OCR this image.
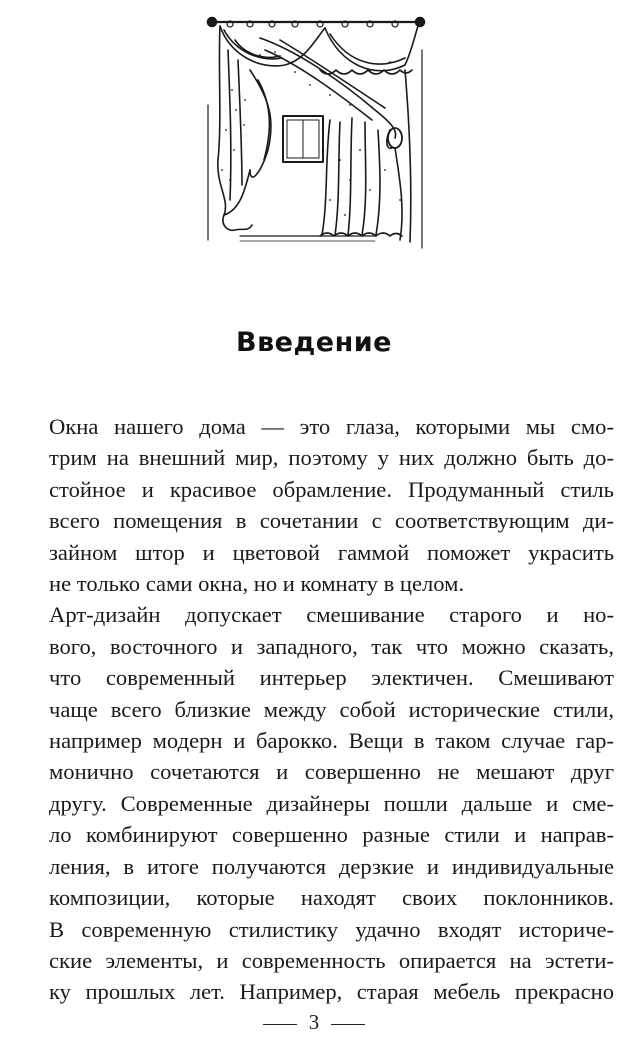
Введение

Окна нашего дома — это глаза, которыми мы смо-
трим на внешний мир, поэтому у них должно быть до-
стойное и красивое обрамление. Продуманный стиль
всего помещения в сочетании с соответствующим ди-
зайном штор и цветовой гаммой поможет украсить
не только сами окна, но и комнату в целом.

Арт-дизайн допускает смешивание старого и но-
вого, восточного и западного, так что можно сказать,
что современный интерьер электичен. Смешивают
чаще всего близкие между собой исторические стили,
например модерн и барокко. Вещи в таком случае гар-
монично сочетаются и совершенно не мешают друг
другу. Современные дизайнеры пошли дальше и сме-
ло комбинируют совершенно разные стили и направ-
ления, в итоге получаются дерзкие и индивидуальные
композиции, которые находят своих поклонников.
В современную стилистику удачно входят историче-
ские элементы, и современность опирается на эстети-
ку прошлых лет. Например, старая мебель прекрасно

3
